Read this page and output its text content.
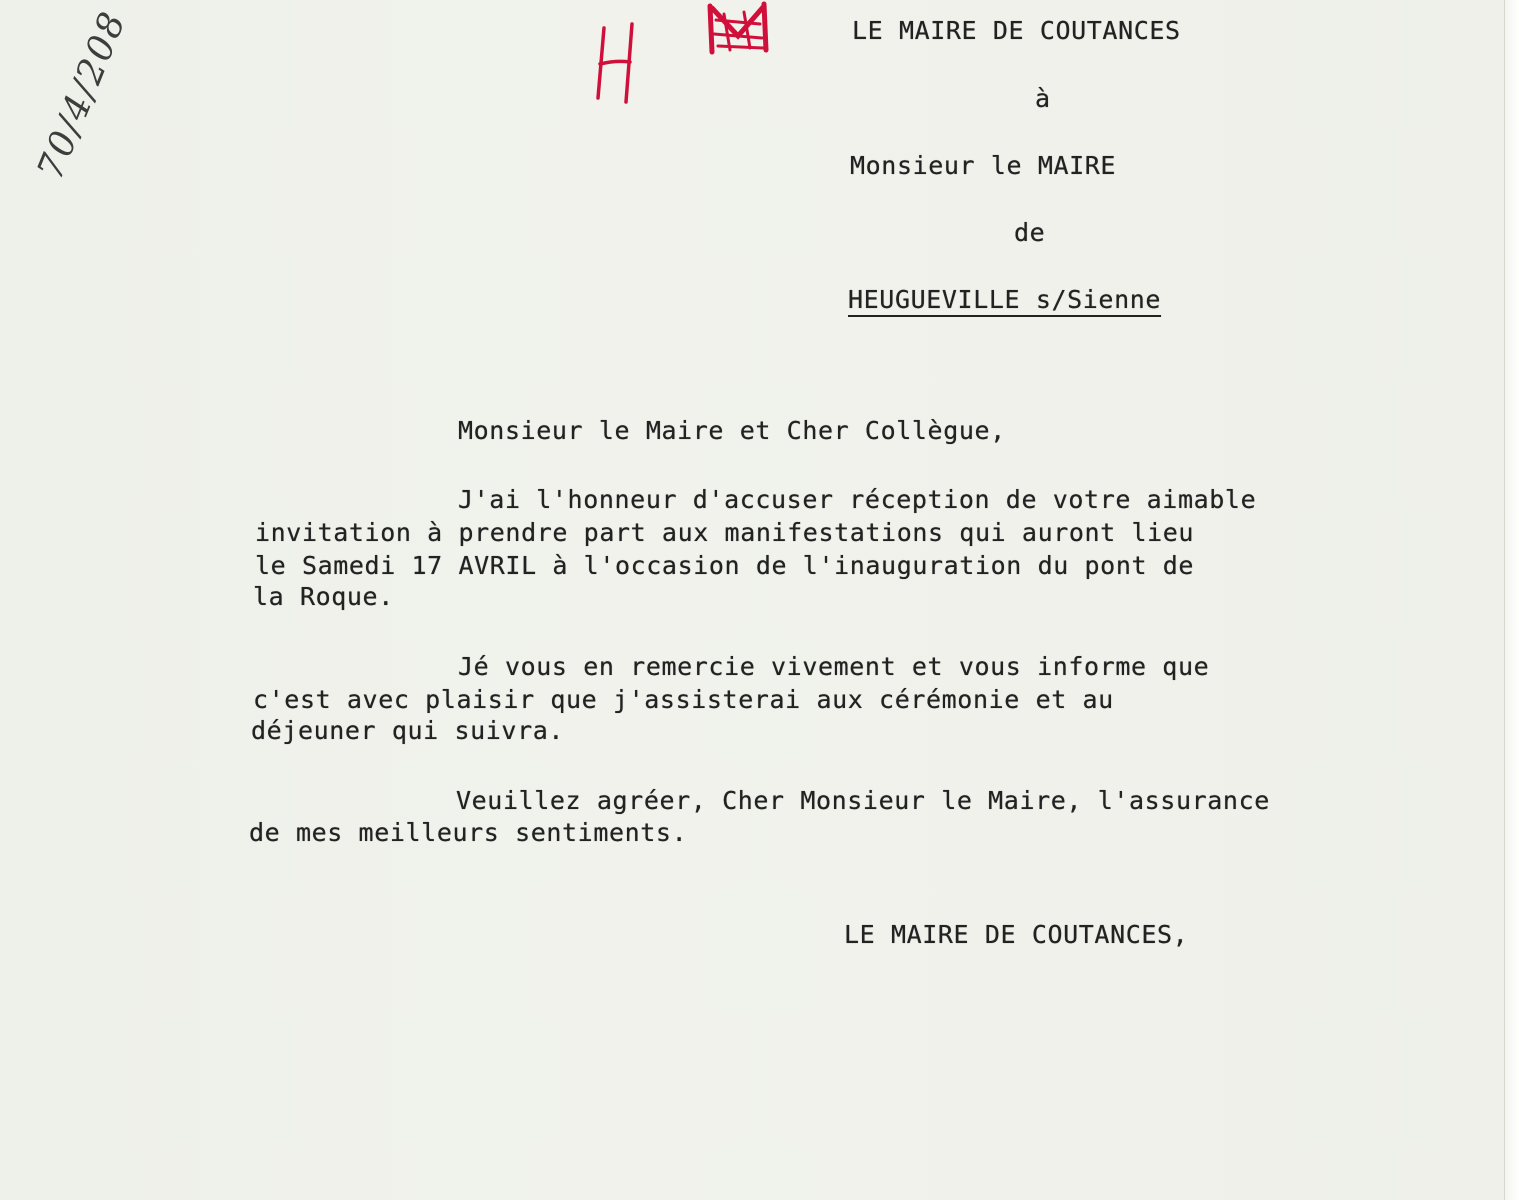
70/4/208	LE MAIRE DE COUTANCES
à
Monsieur le MAIRE
de
HEUGUEVILLE s/Sienne
Monsieur le Maire et Cher Collègue,
J'ai l'honneur d'accuser réception de votre aimable
invitation à prendre part aux manifestations qui auront lieu
le Samedi 17 AVRIL à l'occasion de l'inauguration du pont de
la Roque.
Jé vous en remercie vivement et vous informe que
c'est avec plaisir que j'assisterai aux cérémonie et au
déjeuner qui suivra.
Veuillez agréer, Cher Monsieur le Maire, l'assurance
de mes meilleurs sentiments.
LE MAIRE DE COUTANCES,
